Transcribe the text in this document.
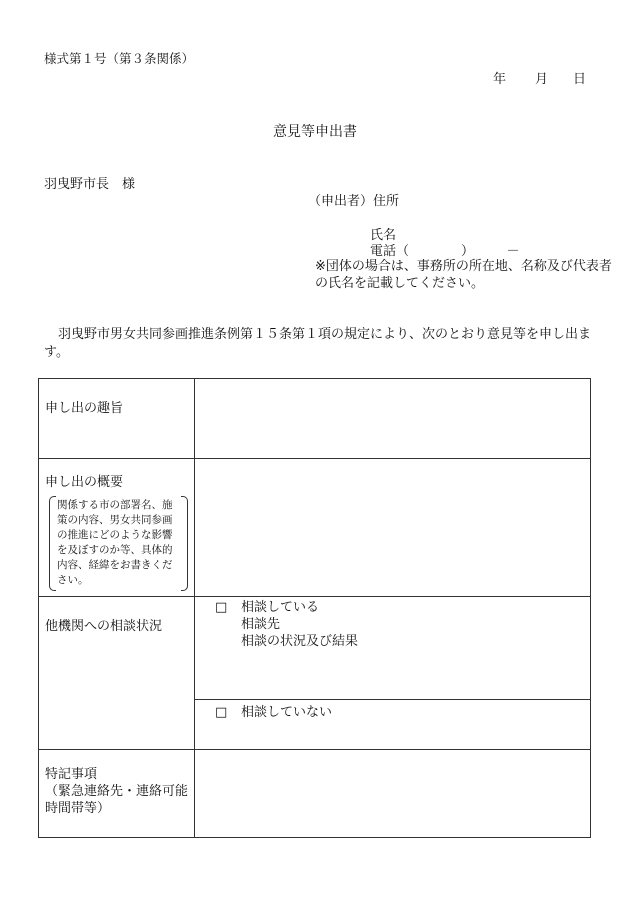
様式第１号（第３条関係）
年 月 日
意見等申出書
羽曳野市長　様
（申出者）住所
氏名
電話（　　　　）　　　－
※団体の場合は、事務所の所在地、名称及び代表者の氏名を記載してください。
羽曳野市男女共同参画推進条例第１５条第１項の規定により、次のとおり意見等を申し出ます。
申し出の趣旨	

申し出の概要
関係する市の部署名、施策の内容、男女共同参画の推進にどのような影響を及ぼすのか等、具体的内容、経緯をお書きください。	

他機関への相談状況	□ 相談している
相談先
相談の状況及び結果

	□ 相談していない

特記事項
（緊急連絡先・連絡可能時間帯等）	
